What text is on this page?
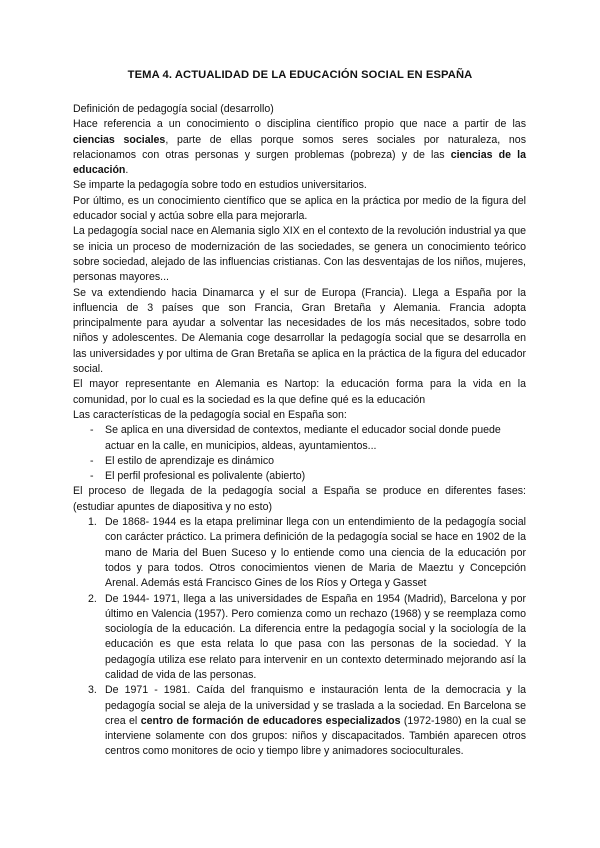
TEMA 4. ACTUALIDAD DE LA EDUCACIÓN SOCIAL EN ESPAÑA

Definición de pedagogía social (desarrollo)

Hace referencia a un conocimiento o disciplina científico propio que nace a partir de las ciencias sociales, parte de ellas porque somos seres sociales por naturaleza, nos relacionamos con otras personas y surgen problemas (pobreza) y de las ciencias de la educación.

Se imparte la pedagogía sobre todo en estudios universitarios.

Por último, es un conocimiento científico que se aplica en la práctica por medio de la figura del educador social y actúa sobre ella para mejorarla.

La pedagogía social nace en Alemania siglo XIX en el contexto de la revolución industrial ya que se inicia un proceso de modernización de las sociedades, se genera un conocimiento teórico sobre sociedad, alejado de las influencias cristianas. Con las desventajas de los niños, mujeres, personas mayores...

Se va extendiendo hacia Dinamarca y el sur de Europa (Francia). Llega a España por la influencia de 3 países que son Francia, Gran Bretaña y Alemania. Francia adopta principalmente para ayudar a solventar las necesidades de los más necesitados, sobre todo niños y adolescentes. De Alemania coge desarrollar la pedagogía social que se desarrolla en las universidades y por ultima de Gran Bretaña se aplica en la práctica de la figura del educador social.

El mayor representante en Alemania es Nartop: la educación forma para la vida en la comunidad, por lo cual es la sociedad es la que define qué es la educación

Las características de la pedagogía social en España son:

- Se aplica en una diversidad de contextos, mediante el educador social donde puede actuar en la calle, en municipios, aldeas, ayuntamientos...
- El estilo de aprendizaje es dinámico
- El perfil profesional es polivalente (abierto)

El proceso de llegada de la pedagogía social a España se produce en diferentes fases: (estudiar apuntes de diapositiva y no esto)

1. De 1868- 1944 es la etapa preliminar llega con un entendimiento de la pedagogía social con carácter práctico. La primera definición de la pedagogía social se hace en 1902 de la mano de Maria del Buen Suceso y lo entiende como una ciencia de la educación por todos y para todos. Otros conocimientos vienen de Maria de Maeztu y Concepción Arenal. Además está Francisco Gines de los Ríos y Ortega y Gasset
2. De 1944- 1971, llega a las universidades de España en 1954 (Madrid), Barcelona y por último en Valencia (1957). Pero comienza como un rechazo (1968) y se reemplaza como sociología de la educación. La diferencia entre la pedagogía social y la sociología de la educación es que esta relata lo que pasa con las personas de la sociedad. Y la pedagogía utiliza ese relato para intervenir en un contexto determinado mejorando así la calidad de vida de las personas.
3. De 1971 - 1981. Caída del franquismo e instauración lenta de la democracia y la pedagogía social se aleja de la universidad y se traslada a la sociedad. En Barcelona se crea el centro de formación de educadores especializados (1972-1980) en la cual se interviene solamente con dos grupos: niños y discapacitados. También aparecen otros centros como monitores de ocio y tiempo libre y animadores socioculturales.
